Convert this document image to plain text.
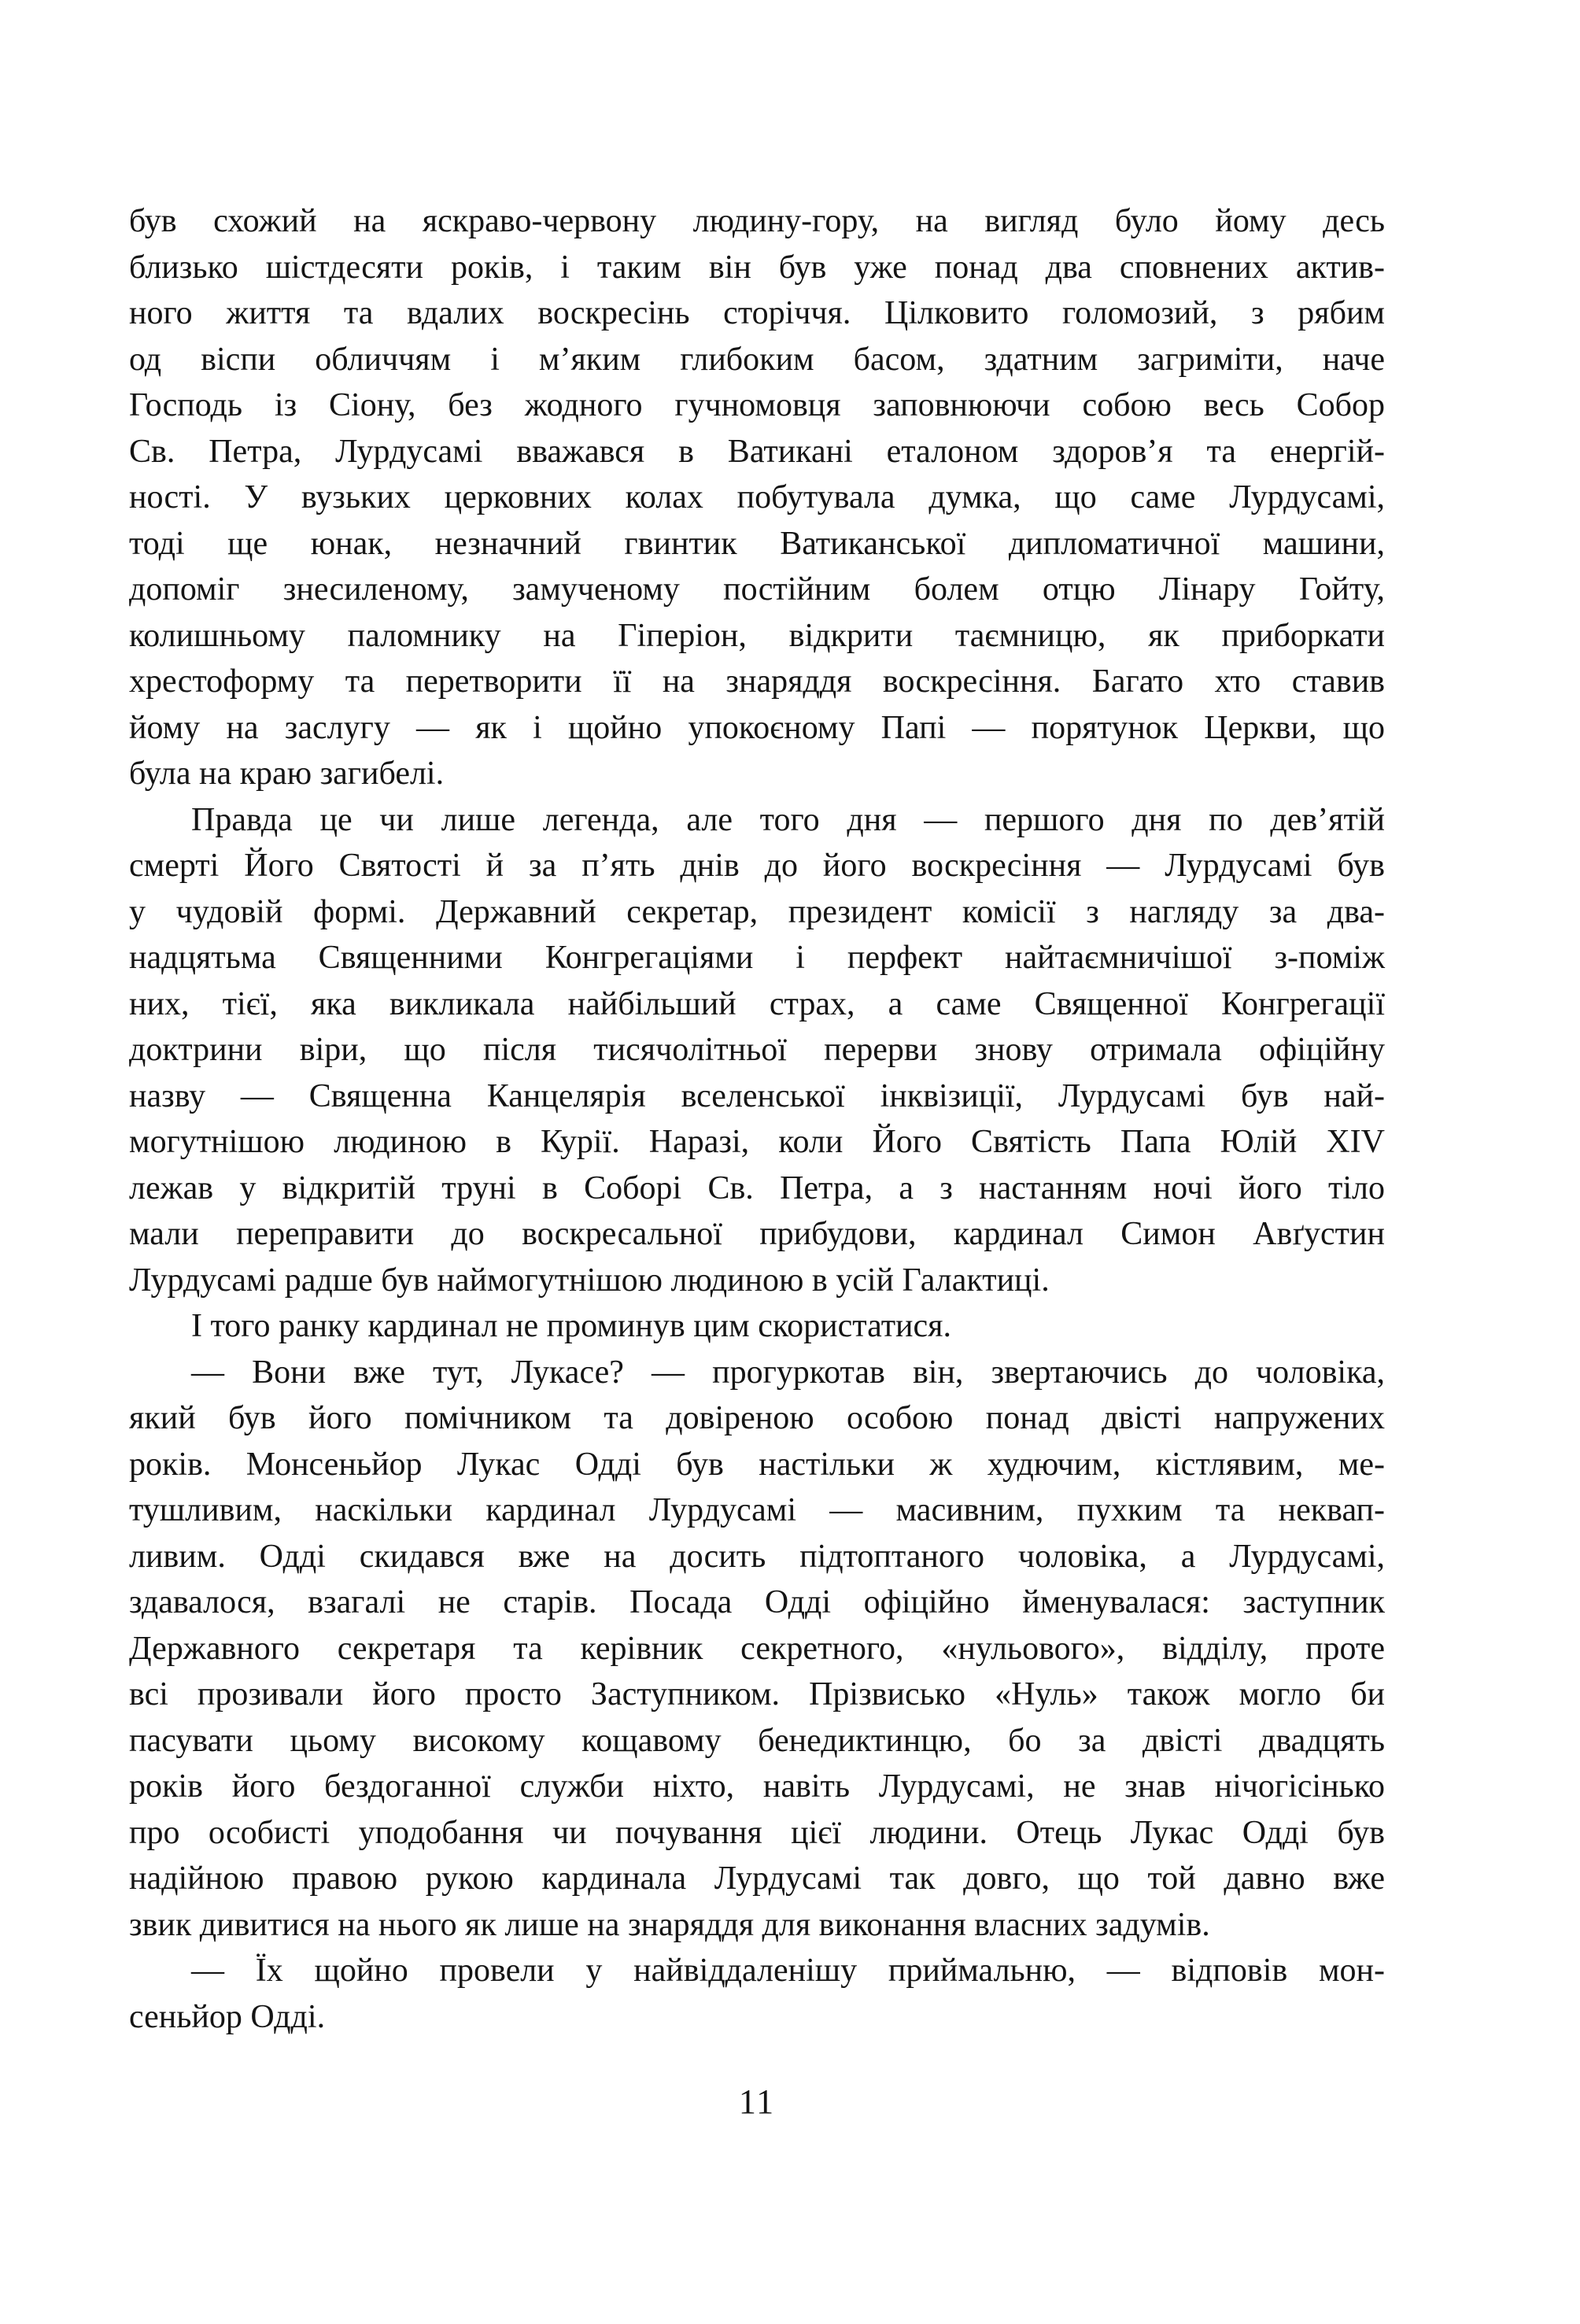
був схожий на яскраво-червону людину-гору, на вигляд було йому десь
близько шістдесяти років, і таким він був уже понад два сповнених актив-
ного життя та вдалих воскресінь сторіччя. Цілковито голомозий, з рябим
од віспи обличчям і м’яким глибоким басом, здатним загриміти, наче
Господь із Сіону, без жодного гучномовця заповнюючи собою весь Собор
Св. Петра, Лурдусамі вважався в Ватикані еталоном здоров’я та енергій-
ності. У вузьких церковних колах побутувала думка, що саме Лурдусамі,
тоді ще юнак, незначний гвинтик Ватиканської дипломатичної машини,
допоміг знесиленому, замученому постійним болем отцю Лінару Гойту,
колишньому паломнику на Гіперіон, відкрити таємницю, як приборкати
хрестоформу та перетворити її на знаряддя воскресіння. Багато хто ставив
йому на заслугу — як і щойно упокоєному Папі — порятунок Церкви, що
була на краю загибелі.
Правда це чи лише легенда, але того дня — першого дня по дев’ятій
смерті Його Святості й за п’ять днів до його воскресіння — Лурдусамі був
у чудовій формі. Державний секретар, президент комісії з нагляду за два-
надцятьма Священними Конгрегаціями і перфект найтаємничішої з-поміж
них, тієї, яка викликала найбільший страх, а саме Священної Конгрегації
доктрини віри, що після тисячолітньої перерви знову отримала офіційну
назву — Священна Канцелярія вселенської інквізиції, Лурдусамі був най-
могутнішою людиною в Курії. Наразі, коли Його Святість Папа Юлій XIV
лежав у відкритій труні в Соборі Св. Петра, а з настанням ночі його тіло
мали переправити до воскресальної прибудови, кардинал Симон Авґустин
Лурдусамі радше був наймогутнішою людиною в усій Галактиці.
І того ранку кардинал не проминув цим скористатися.
— Вони вже тут, Лукасе? — прогуркотав він, звертаючись до чоловіка,
який був його помічником та довіреною особою понад двісті напружених
років. Монсеньйор Лукас Одді був настільки ж худючим, кістлявим, ме-
тушливим, наскільки кардинал Лурдусамі — масивним, пухким та неквап-
ливим. Одді скидався вже на досить підтоптаного чоловіка, а Лурдусамі,
здавалося, взагалі не старів. Посада Одді офіційно йменувалася: заступник
Державного секретаря та керівник секретного, «нульового», відділу, проте
всі прозивали його просто Заступником. Прізвисько «Нуль» також могло би
пасувати цьому високому кощавому бенедиктинцю, бо за двісті двадцять
років його бездоганної служби ніхто, навіть Лурдусамі, не знав нічогісінько
про особисті уподобання чи почування цієї людини. Отець Лукас Одді був
надійною правою рукою кардинала Лурдусамі так довго, що той давно вже
звик дивитися на нього як лише на знаряддя для виконання власних задумів.
— Їх щойно провели у найвіддаленішу приймальню, — відповів мон-
сеньйор Одді.
11
